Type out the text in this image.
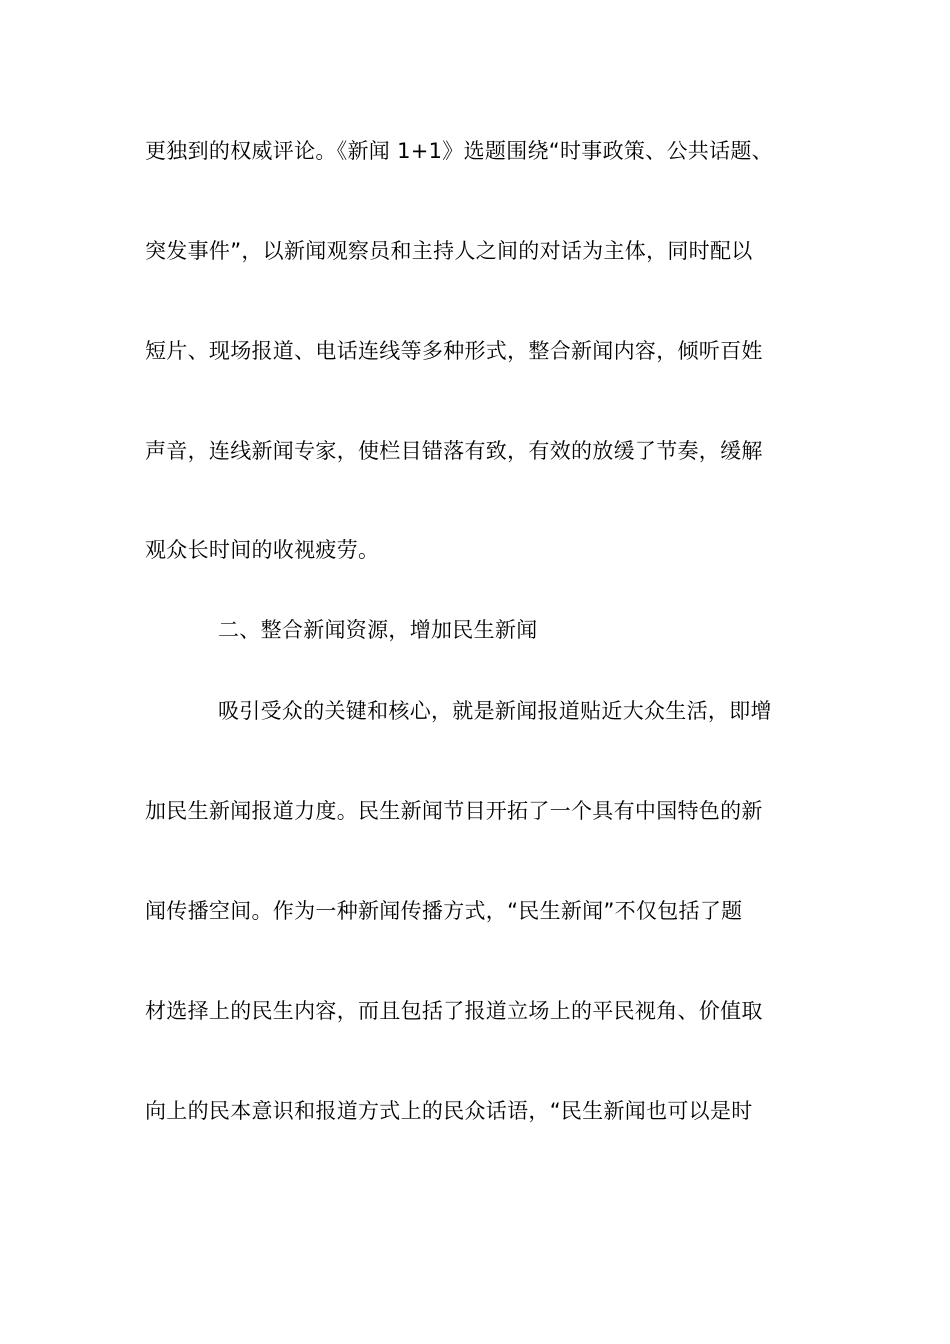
更独到的权威评论。《新闻 1+1》选题围绕“时事政策、公共话题、
突发事件”，以新闻观察员和主持人之间的对话为主体，同时配以
短片、现场报道、电话连线等多种形式，整合新闻内容，倾听百姓
声音，连线新闻专家，使栏目错落有致，有效的放缓了节奏，缓解
观众长时间的收视疲劳。
二、整合新闻资源，增加民生新闻
吸引受众的关键和核心，就是新闻报道贴近大众生活，即增
加民生新闻报道力度。民生新闻节目开拓了一个具有中国特色的新
闻传播空间。作为一种新闻传播方式，“民生新闻”不仅包括了题
材选择上的民生内容，而且包括了报道立场上的平民视角、价值取
向上的民本意识和报道方式上的民众话语，“民生新闻也可以是时
